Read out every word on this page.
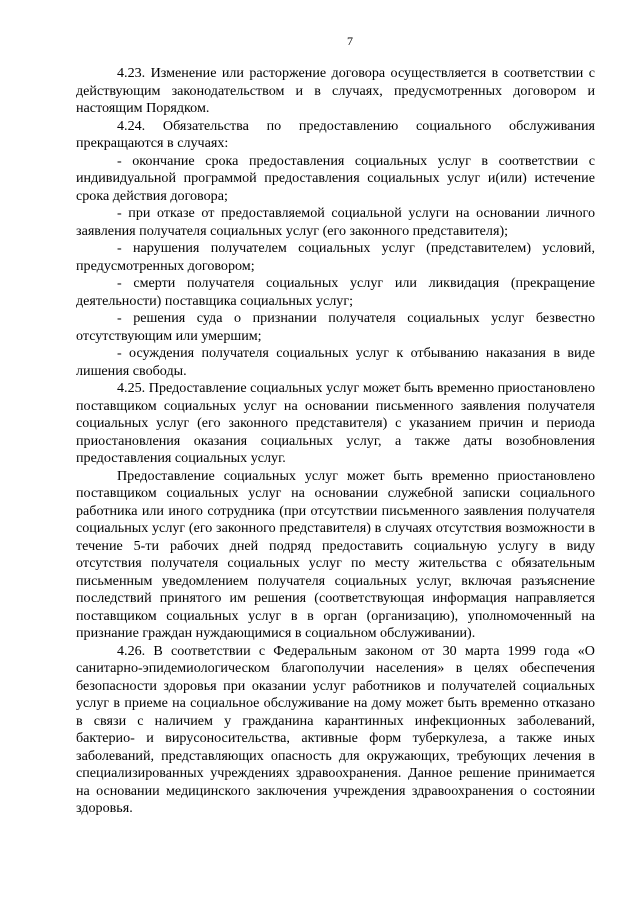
7

4.23. Изменение или расторжение договора осуществляется в соответствии с действующим законодательством и в случаях, предусмотренных договором и настоящим Порядком.

4.24. Обязательства по предоставлению социального обслуживания прекращаются в случаях:

- окончание срока предоставления социальных услуг в соответствии с индивидуальной программой предоставления социальных услуг и(или) истечение срока действия договора;

- при отказе от предоставляемой социальной услуги на основании личного заявления получателя социальных услуг (его законного представителя);

- нарушения получателем социальных услуг (представителем) условий, предусмотренных договором;

- смерти получателя социальных услуг или ликвидация (прекращение деятельности) поставщика социальных услуг;

- решения суда о признании получателя социальных услуг безвестно отсутствующим или умершим;

- осуждения получателя социальных услуг к отбыванию наказания в виде лишения свободы.

4.25. Предоставление социальных услуг может быть временно приостановлено поставщиком социальных услуг на основании письменного заявления получателя социальных услуг (его законного представителя) с указанием причин и периода приостановления оказания социальных услуг, а также даты возобновления предоставления социальных услуг.

Предоставление социальных услуг может быть временно приостановлено поставщиком социальных услуг на основании служебной записки социального работника или иного сотрудника (при отсутствии письменного заявления получателя социальных услуг (его законного представителя) в случаях отсутствия возможности в течение 5-ти рабочих дней подряд предоставить социальную услугу в виду отсутствия получателя социальных услуг по месту жительства с обязательным письменным уведомлением получателя социальных услуг, включая разъяснение последствий принятого им решения (соответствующая информация направляется поставщиком социальных услуг в в орган (организацию), уполномоченный на признание граждан нуждающимися в социальном обслуживании).

4.26. В соответствии с Федеральным законом от 30 марта 1999 года «О санитарно-эпидемиологическом благополучии населения» в целях обеспечения безопасности здоровья при оказании услуг работников и получателей социальных услуг в приеме на социальное обслуживание на дому может быть временно отказано в связи с наличием у гражданина карантинных инфекционных заболеваний, бактерио- и вирусоносительства, активные форм туберкулеза, а также иных заболеваний, представляющих опасность для окружающих, требующих лечения в специализированных учреждениях здравоохранения. Данное решение принимается на основании медицинского заключения учреждения здравоохранения о состоянии здоровья.
